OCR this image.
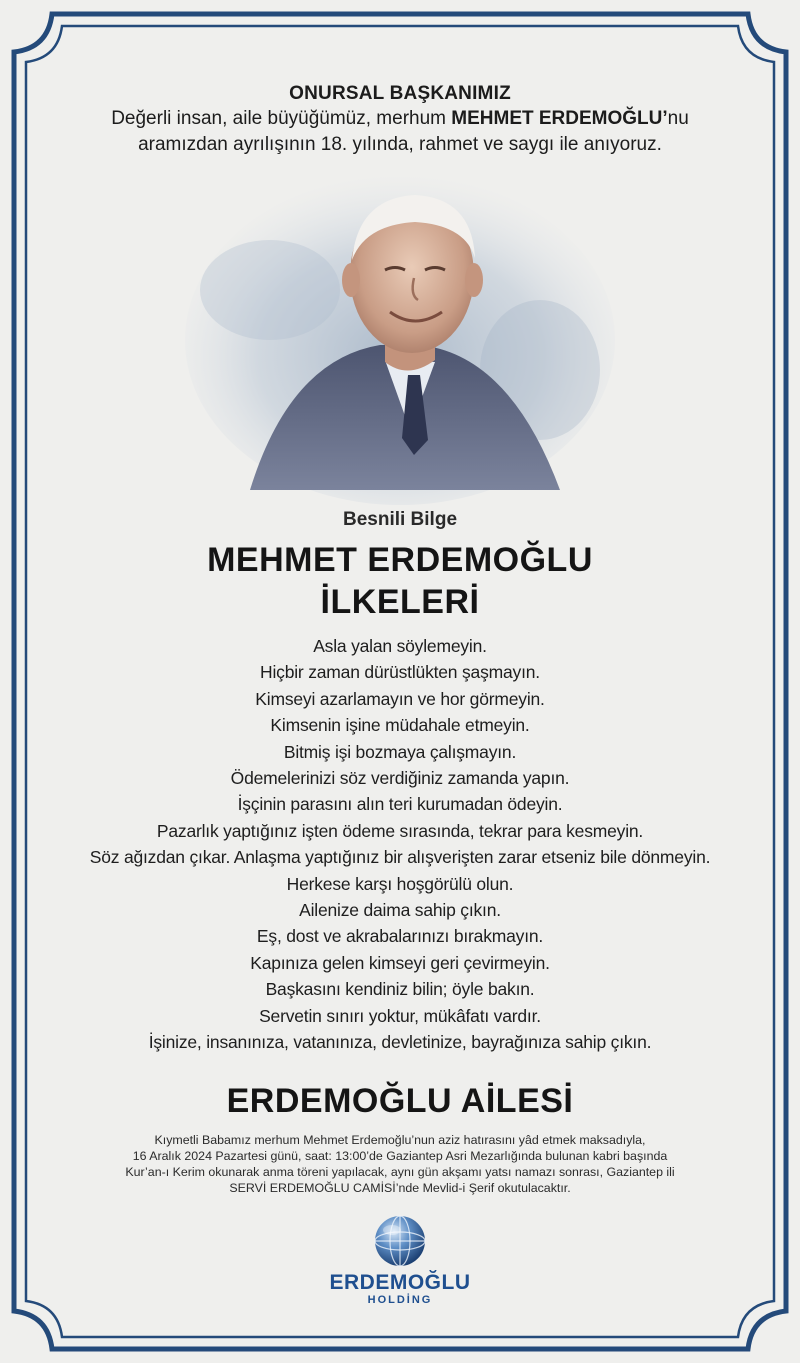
ONURSAL BAŞKANIMIZ
Değerli insan, aile büyüğümüz, merhum MEHMET ERDEMOĞLU’nu
aramızdan ayrılışının 18. yılında, rahmet ve saygı ile anıyoruz.
Besnili Bilge
MEHMET ERDEMOĞLU
İLKELERİ
Asla yalan söylemeyin.
Hiçbir zaman dürüstlükten şaşmayın.
Kimseyi azarlamayın ve hor görmeyin.
Kimsenin işine müdahale etmeyin.
Bitmiş işi bozmaya çalışmayın.
Ödemelerinizi söz verdiğiniz zamanda yapın.
İşçinin parasını alın teri kurumadan ödeyin.
Pazarlık yaptığınız işten ödeme sırasında, tekrar para kesmeyin.
Söz ağızdan çıkar. Anlaşma yaptığınız bir alışverişten zarar etseniz bile dönmeyin.
Herkese karşı hoşgörülü olun.
Ailenize daima sahip çıkın.
Eş, dost ve akrabalarınızı bırakmayın.
Kapınıza gelen kimseyi geri çevirmeyin.
Başkasını kendiniz bilin; öyle bakın.
Servetin sınırı yoktur, mükâfatı vardır.
İşinize, insanınıza, vatanınıza, devletinize, bayrağınıza sahip çıkın.
ERDEMOĞLU AİLESİ
Kıymetli Babamız merhum Mehmet Erdemoğlu’nun aziz hatırasını yâd etmek maksadıyla,
16 Aralık 2024 Pazartesi günü, saat: 13:00’de Gaziantep Asri Mezarlığında bulunan kabri başında
Kur’an-ı Kerim okunarak anma töreni yapılacak, aynı gün akşamı yatsı namazı sonrası, Gaziantep ili
SERVİ ERDEMOĞLU CAMİSİ’nde Mevlid-i Şerif okutulacaktır.
ERDEMOĞLU
HOLDİNG
